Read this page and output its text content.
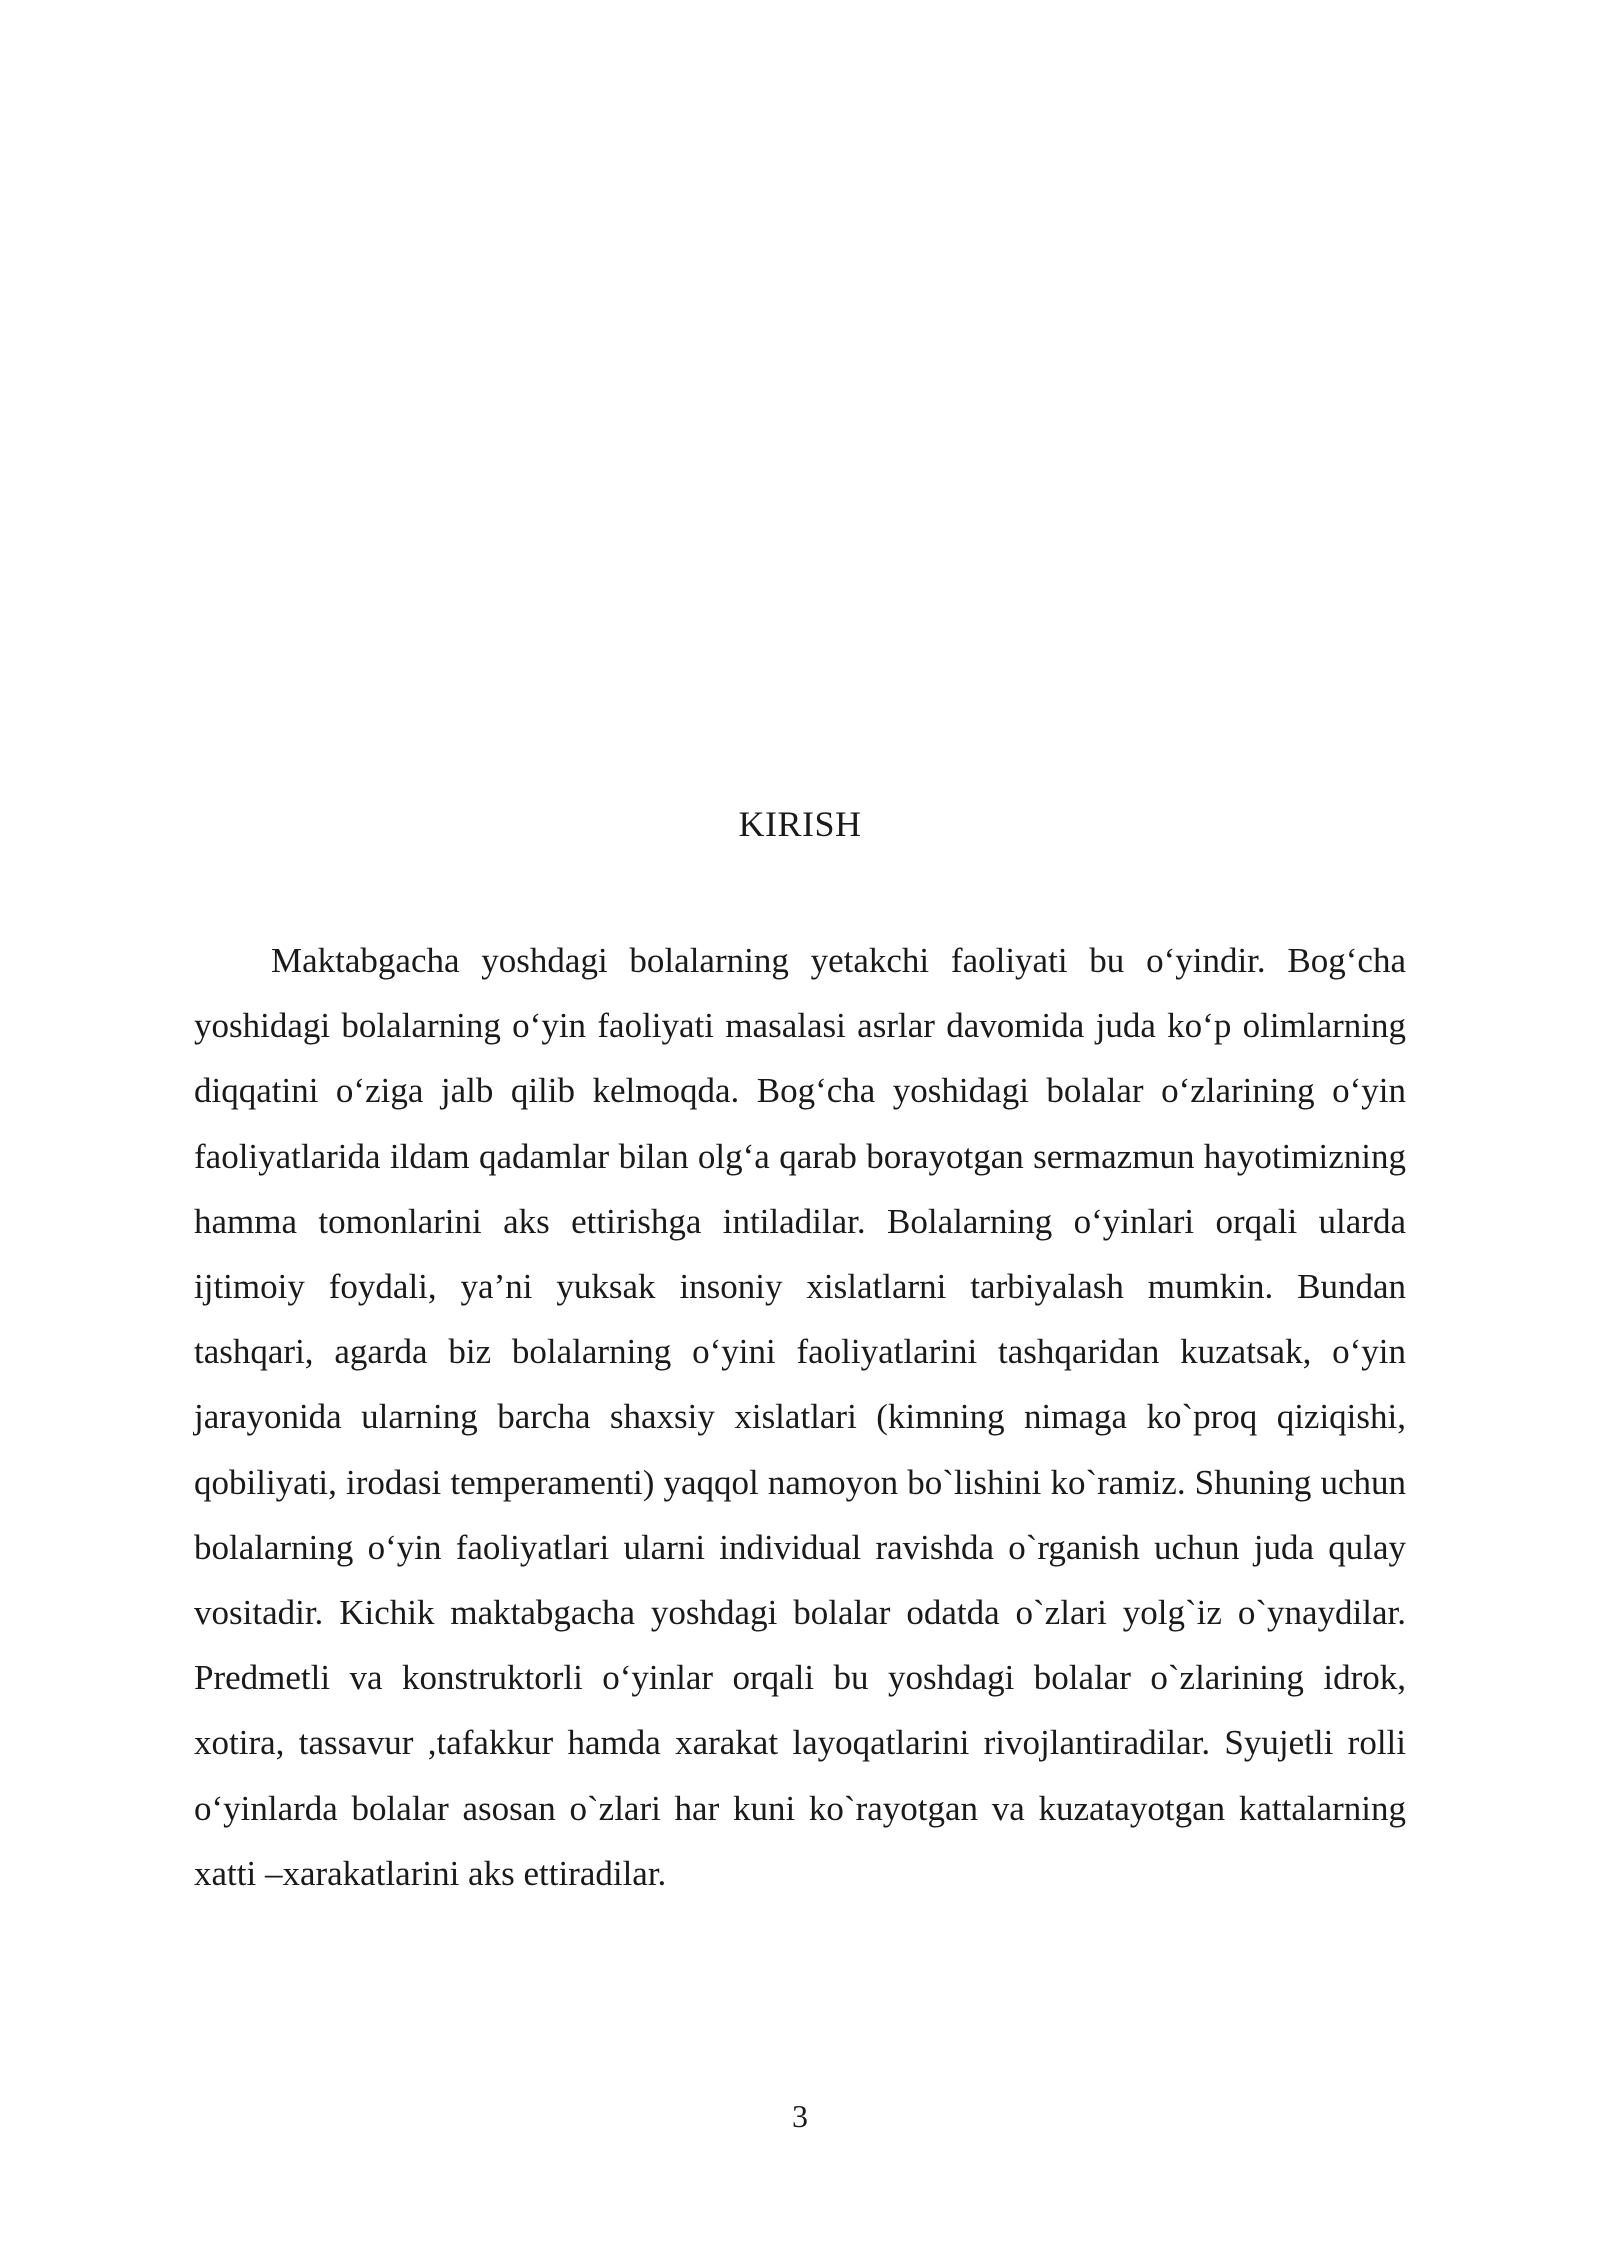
KIRISH

Maktabgacha yoshdagi bolalarning yetakchi faoliyati bu o‘yindir. Bog‘cha yoshidagi bolalarning o‘yin faoliyati masalasi asrlar davomida juda ko‘p olimlarning diqqatini o‘ziga jalb qilib kelmoqda. Bog‘cha yoshidagi bolalar o‘zlarining o‘yin faoliyatlarida ildam qadamlar bilan olg‘a qarab borayotgan sermazmun hayotimizning hamma tomonlarini aks ettirishga intiladilar. Bolalarning o‘yinlari orqali ularda ijtimoiy foydali, ya’ni yuksak insoniy xislatlarni tarbiyalash mumkin. Bundan tashqari, agarda biz bolalarning o‘yini faoliyatlarini tashqaridan kuzatsak, o‘yin jarayonida ularning barcha shaxsiy xislatlari (kimning nimaga ko`proq qiziqishi, qobiliyati, irodasi temperamenti) yaqqol namoyon bo`lishini ko`ramiz. Shuning uchun bolalarning o‘yin faoliyatlari ularni individual ravishda o`rganish uchun juda qulay vositadir. Kichik maktabgacha yoshdagi bolalar odatda o`zlari yolg`iz o`ynaydilar. Predmetli va konstruktorli o‘yinlar orqali bu yoshdagi bolalar o`zlarining idrok, xotira, tassavur ,tafakkur hamda xarakat layoqatlarini rivojlantiradilar. Syujetli rolli o‘yinlarda bolalar asosan o`zlari har kuni ko`rayotgan va kuzatayotgan kattalarning xatti –xarakatlarini aks ettiradilar.

3
